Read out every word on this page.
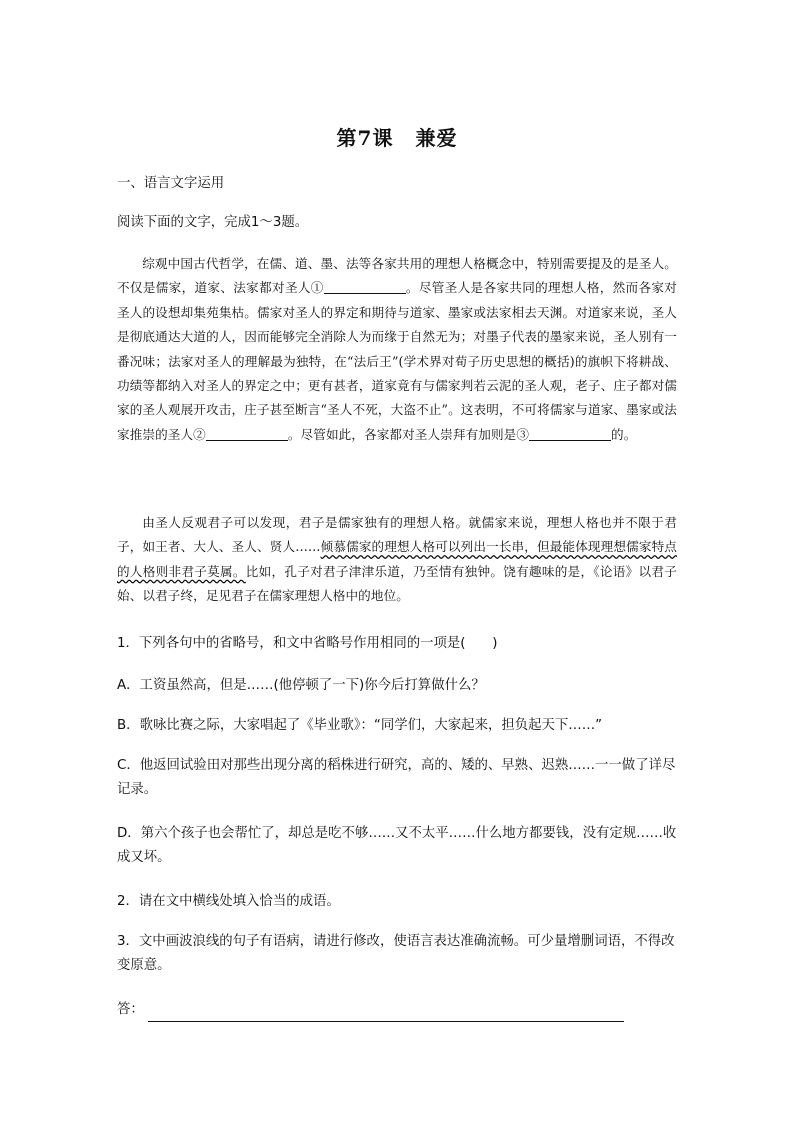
第7课 兼爱
一、语言文字运用
阅读下面的文字，完成1～3题。
综观中国古代哲学，在儒、道、墨、法等各家共用的理想人格概念中，特别需要提及的是圣人。不仅是儒家，道家、法家都对圣人①	。尽管圣人是各家共同的理想人格，然而各家对圣人的设想却集苑集枯。儒家对圣人的界定和期待与道家、墨家或法家相去天渊。对道家来说，圣人是彻底通达大道的人，因而能够完全消除人为而缘于自然无为；对墨子代表的墨家来说，圣人别有一番况味；法家对圣人的理解最为独特，在“法后王”(学术界对荀子历史思想的概括)的旗帜下将耕战、功绩等都纳入对圣人的界定之中；更有甚者，道家竟有与儒家判若云泥的圣人观，老子、庄子都对儒家的圣人观展开攻击，庄子甚至断言“圣人不死，大盗不止”。这表明，不可将儒家与道家、墨家或法家推崇的圣人②	。尽管如此，各家都对圣人崇拜有加则是③	的。
由圣人反观君子可以发现，君子是儒家独有的理想人格。就儒家来说，理想人格也并不限于君子，如王者、大人、圣人、贤人……倾慕儒家的理想人格可以列出一长串，但最能体现理想儒家特点的人格则非君子莫属。比如，孔子对君子津津乐道，乃至情有独钟。饶有趣味的是，《论语》以君子始、以君子终，足见君子在儒家理想人格中的地位。
1．下列各句中的省略号，和文中省略号作用相同的一项是(　　)
A．工资虽然高，但是……(他停顿了一下)你今后打算做什么？
B．歌咏比赛之际，大家唱起了《毕业歌》：“同学们，大家起来，担负起天下……”
C．他返回试验田对那些出现分离的稻株进行研究，高的、矮的、早熟、迟熟……一一做了详尽记录。
D．第六个孩子也会帮忙了，却总是吃不够……又不太平……什么地方都要钱，没有定规……收成又坏。
2．请在文中横线处填入恰当的成语。
3．文中画波浪线的句子有语病，请进行修改，使语言表达准确流畅。可少量增删词语，不得改变原意。
答：
